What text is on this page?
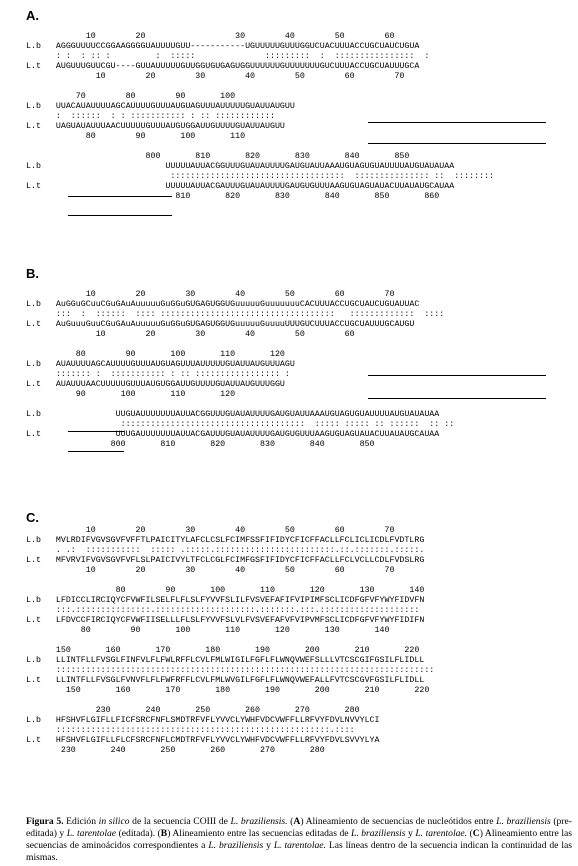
A.
10        20                  30        40        50        60
L.b   AGGGUUUUCCGGAAGGGGUAUUUUGUU-----------UGUUUUUGUUUGGUCUACUUUACCUGCUAUCUGUA
: :  : :: :         :  :::::              :::::::::  :  ::::::::::::::::  :
L.t   AUGUUUGUUCGU----GUUAUUUUUGUUGGUGUGAGUGGUUUUUUGUUUUUUUGUCUUUACCUGCUAUUUGCA
10        20        30        40        50        60        70

70        80        90       100
L.b   UUACAUAUUUUAGCAUUUUGUUUAUGUAGUUUAUUUUUGUAUUAUGUU
:  ::::::  : : ::::::::::: : :: ::::::::::::
L.t   UAGUAUAUUUAACUUUUUGUUUAUGUGGAUUGUUUUGUAUUAUGUU
80        90       100       110

800       810       820       830       840       850
L.b                         UUUUUAUUACGGUUUGUAUAUUUUGAUGUAUUAAAUGUAGUGUAUUUUAUGUAUAUAA
:::::::::::::::::::::::::::::::::::  ::::::::::::::: ::  ::::::::
L.t                         UUUUUAUUACGAUUUGUAUAUUUUGAUGUGUUUAAGUGUAGUAUACUUAUAUGCAUAA
810       820       830       840       850       860
B.
10        20        30        40        50        60        70
L.b   AuGGuGCuuCGuGAuAuuuuuGuGGuGUGAGUGGUGuuuuuGuuuuuuuCACUUUACCUGCUAUCUGUAUUAC
:::  :  ::::::  :::: :::::::::::::::::::::::::::::::::::   :::::::::::::  ::::
L.t   AuGuuuGuuCGuGAuAuuuuuGuGGuGUGAGUGGUGuuuuuGuuuuUUUGUCUUUACCUGCUAUUUGCAUGU
10        20        30        40        50        60

80        90       100       110       120
L.b   AUAUUUUAGCAUUUUGUUUAUGUAGUUUAUUUUUGUAUUAUGUUUAGU
::::::: :  ::::::::::: : :: ::::::::::::::::: :
L.t   AUAUUUAACUUUUUGUUUAUGUGGAUUGUUUUGUAUUAUGUUUGGU
90       100       110       120

L.b               UUGUAUUUUUUUAUUACGGUUUGUAUAUUUUGAUGUAUUAAAUGUAGUGUAUUUUAUGUAUAUAA
:::::::::::::::::::::::::::::::::::::  ::::: ::::: :: ::::::  :: ::
L.t               UUUGAUUUUUUUAUUACGAUUUGUAUAUUUUGAUGUGUUUAAGUGUAGUAUACUUAUAUGCAUAA
800       810       820       830       840       850
C.
10        20        30        40        50        60        70
L.b   MVLRDIFVGVSGVFVFFTLPAICITYLAFCLCSLFCIMFSSFIFIDYCFICFFACLLFCLICLICDLFVDTLRG
. .:  :::::::::::  ::::: .:::::.::::::::::::::::::::::::.::.:::::::.:::::.
L.t   MFVRVIFVGVSGVFVFLSLPAICIVYLTFCLCGLFCIMFGSFIFIDYCFICFFACLLFCLVCLLCDLFVDSLRG
10        20        30        40        50        60        70

80        90       100       110       120       130       140
L.b   LFDICCLIRCIQYCFVWFILSELFLFLSLFYVVFSLILFVSVEFAFIFVIPIMFSCLICDFGFVFYWYFIDVFN
:::.:::::::::::::::.::::::::::::::::::::.:::::::.:::.::::::::::::::::::::
L.t   LFDVCCFIRCIQYCFVWFIISELLLFLSLFYVVFSLVLFVSVEFAFVFVIPVMFSCLICDFGFVFYWYFIDIFN
80        90       100       110       120       130       140

150       160       170       180       190       200       210       220
L.b   LLINTFLLFVSGLFINFVLFLFWLRFFLCVLFMLWIGILFGFLFLWNQVWEFSLLLVTCSCGIFGSILFLIDLL
::::::::::::::::::::::::::::::::::::::::::::::::::::::::::::::::::::::::::::
L.t   LLINTFLLFVSGLFVNVFLFLFWFRFFLCVLFMLWVGILFGFLFLWNQVWEFALLFVTCSCGVFGSILFLIDLL
150       160       170       180       190       200       210       220

230       240       250       260       270       280
L.b   HFSHVFLGIFLLFICFSRCFNFLSMDTRFVFLYVVCLYWHFVDCVWFFLLRFVYFDVLNVVYLCI
:::::::::::::::::::::::::::::::::::::::::::::::::::::::.::::
L.t   HFSHVFLGIFLLFLCFSRCFNFLCMDTRFVFLYVVCLYWHFVDCVWFFLLRFVYFDVLSVVYLYA
230       240       250       260       270       280
Figura 5. Edición in silico de la secuencia COIII de L. braziliensis. (A) Alineamiento de secuencias de nucleótidos entre L. braziliensis (pre-editada) y L. tarentolae (editada). (B) Alineamiento entre las secuencias editadas de L. braziliensis y L. tarentolae. (C) Alineamiento entre las secuencias de aminoácidos correspondientes a L. braziliensis y L. tarentolae. Las líneas dentro de la secuencia indican la continuidad de las mismas.
